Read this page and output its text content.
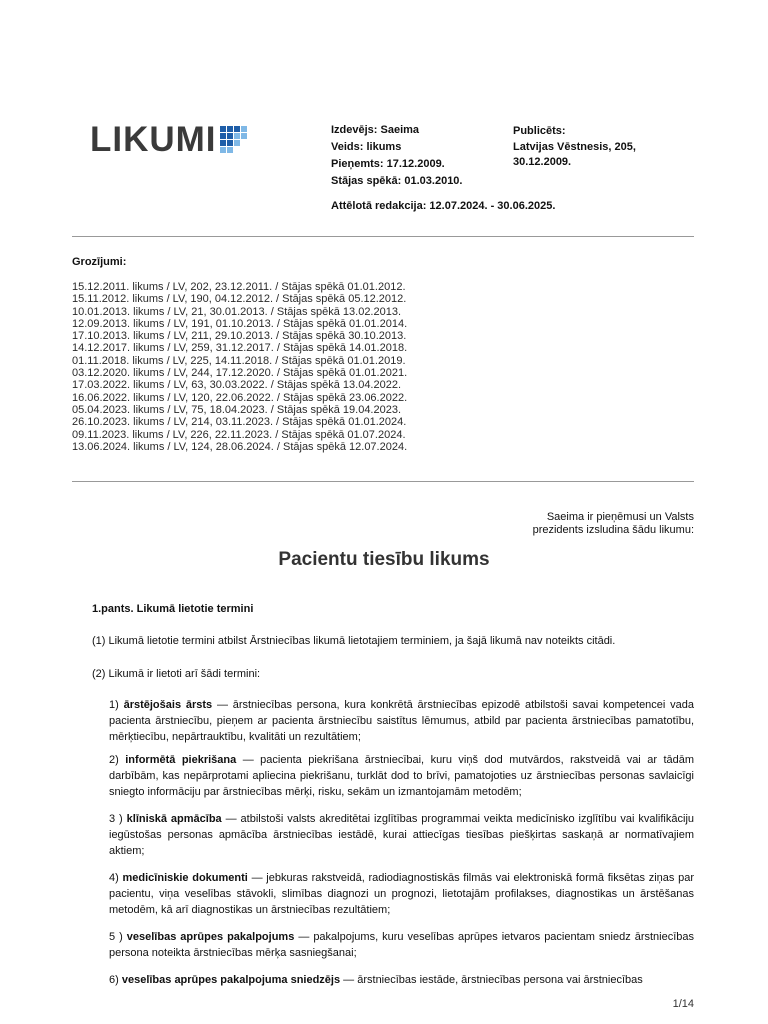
LIKUMI	Izdevējs: Saeima
Veids: likums
Pieņemts: 17.12.2009.
Stājas spēkā: 01.03.2010.
Publicēts:
Latvijas Vēstnesis, 205,
30.12.2009.
Attēlotā redakcija: 12.07.2024. - 30.06.2025.
Grozījumi:
15.12.2011. likums / LV, 202, 23.12.2011. / Stājas spēkā 01.01.2012.
15.11.2012. likums / LV, 190, 04.12.2012. / Stājas spēkā 05.12.2012.
10.01.2013. likums / LV, 21, 30.01.2013. / Stājas spēkā 13.02.2013.
12.09.2013. likums / LV, 191, 01.10.2013. / Stājas spēkā 01.01.2014.
17.10.2013. likums / LV, 211, 29.10.2013. / Stājas spēkā 30.10.2013.
14.12.2017. likums / LV, 259, 31.12.2017. / Stājas spēkā 14.01.2018.
01.11.2018. likums / LV, 225, 14.11.2018. / Stājas spēkā 01.01.2019.
03.12.2020. likums / LV, 244, 17.12.2020. / Stājas spēkā 01.01.2021.
17.03.2022. likums / LV, 63, 30.03.2022. / Stājas spēkā 13.04.2022.
16.06.2022. likums / LV, 120, 22.06.2022. / Stājas spēkā 23.06.2022.
05.04.2023. likums / LV, 75, 18.04.2023. / Stājas spēkā 19.04.2023.
26.10.2023. likums / LV, 214, 03.11.2023. / Stājas spēkā 01.01.2024.
09.11.2023. likums / LV, 226, 22.11.2023. / Stājas spēkā 01.07.2024.
13.06.2024. likums / LV, 124, 28.06.2024. / Stājas spēkā 12.07.2024.
Saeima ir pieņēmusi un Valsts
prezidents izsludina šādu likumu:
Pacientu tiesību likums
1.pants. Likumā lietotie termini
(1) Likumā lietotie termini atbilst Ārstniecības likumā lietotajiem terminiem, ja šajā likumā nav noteikts citādi.
(2) Likumā ir lietoti arī šādi termini:
1) ārstējošais ārsts — ārstniecības persona, kura konkrētā ārstniecības epizodē atbilstoši savai kompetencei vada pacienta ārstniecību, pieņem ar pacienta ārstniecību saistītus lēmumus, atbild par pacienta ārstniecības pamatotību, mērķtiecību, nepārtrauktību, kvalitāti un rezultātiem;
2) informētā piekrišana — pacienta piekrišana ārstniecībai, kuru viņš dod mutvārdos, rakstveidā vai ar tādām darbībām, kas nepārprotami apliecina piekrišanu, turklāt dod to brīvi, pamatojoties uz ārstniecības personas savlaicīgi sniegto informāciju par ārstniecības mērķi, risku, sekām un izmantojamām metodēm;
3 ) klīniskā apmācība — atbilstoši valsts akreditētai izglītības programmai veikta medicīnisko izglītību vai kvalifikāciju iegūstošas personas apmācība ārstniecības iestādē, kurai attiecīgas tiesības piešķirtas saskaņā ar normatīvajiem aktiem;
4) medicīniskie dokumenti — jebkuras rakstveidā, radiodiagnostiskās filmās vai elektroniskā formā fiksētas ziņas par pacientu, viņa veselības stāvokli, slimības diagnozi un prognozi, lietotajām profilakses, diagnostikas un ārstēšanas metodēm, kā arī diagnostikas un ārstniecības rezultātiem;
5 ) veselības aprūpes pakalpojums — pakalpojums, kuru veselības aprūpes ietvaros pacientam sniedz ārstniecības persona noteikta ārstniecības mērķa sasniegšanai;
6) veselības aprūpes pakalpojuma sniedzējs — ārstniecības iestāde, ārstniecības persona vai ārstniecības
1/14
